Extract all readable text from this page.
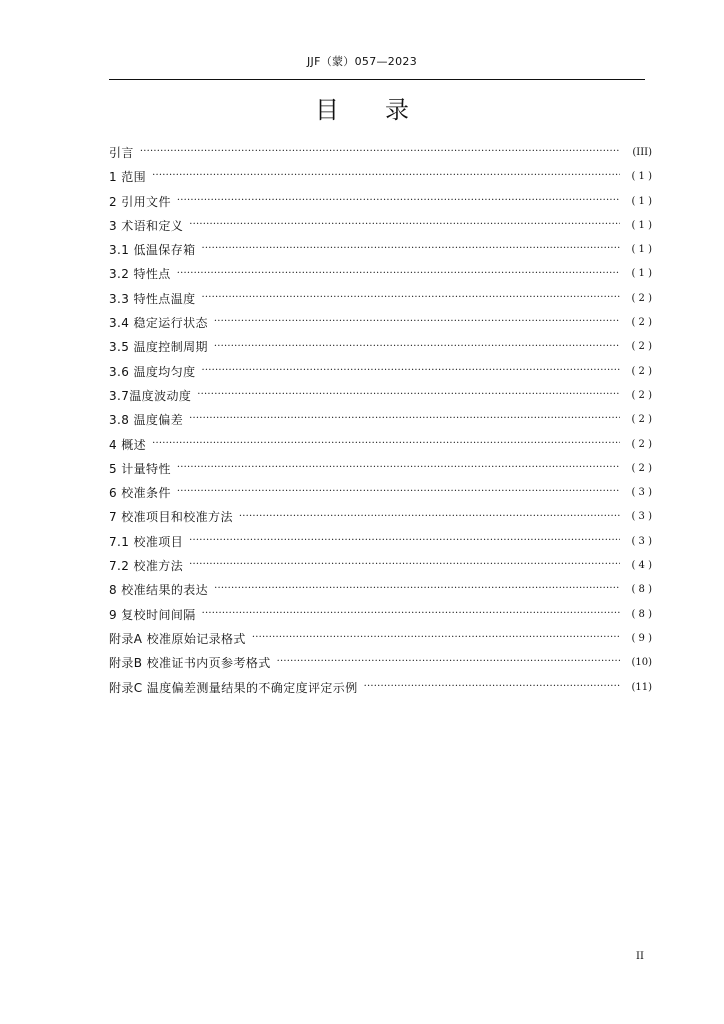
JJF（蒙）057—2023
目录
引言 ·····	(III)
1 范围 ·····	( 1 )
2 引用文件 ·····	( 1 )
3 术语和定义 ·····	( 1 )
3.1 低温保存箱 ·····	( 1 )
3.2 特性点 ·····	( 1 )
3.3 特性点温度 ·····	( 2 )
3.4 稳定运行状态 ·····	( 2 )
3.5 温度控制周期 ·····	( 2 )
3.6 温度均匀度 ·····	( 2 )
3.7温度波动度 ·····	( 2 )
3.8 温度偏差 ·····	( 2 )
4 概述 ·····	( 2 )
5 计量特性 ·····	( 2 )
6 校准条件 ·····	( 3 )
7 校准项目和校准方法 ·····	( 3 )
7.1 校准项目 ·····	( 3 )
7.2 校准方法 ·····	( 4 )
8 校准结果的表达 ·····	( 8 )
9 复校时间间隔 ·····	( 8 )
附录A 校准原始记录格式 ·····	( 9 )
附录B 校准证书内页参考格式 ·····	(10)
附录C 温度偏差测量结果的不确定度评定示例 ·····	(11)
II
